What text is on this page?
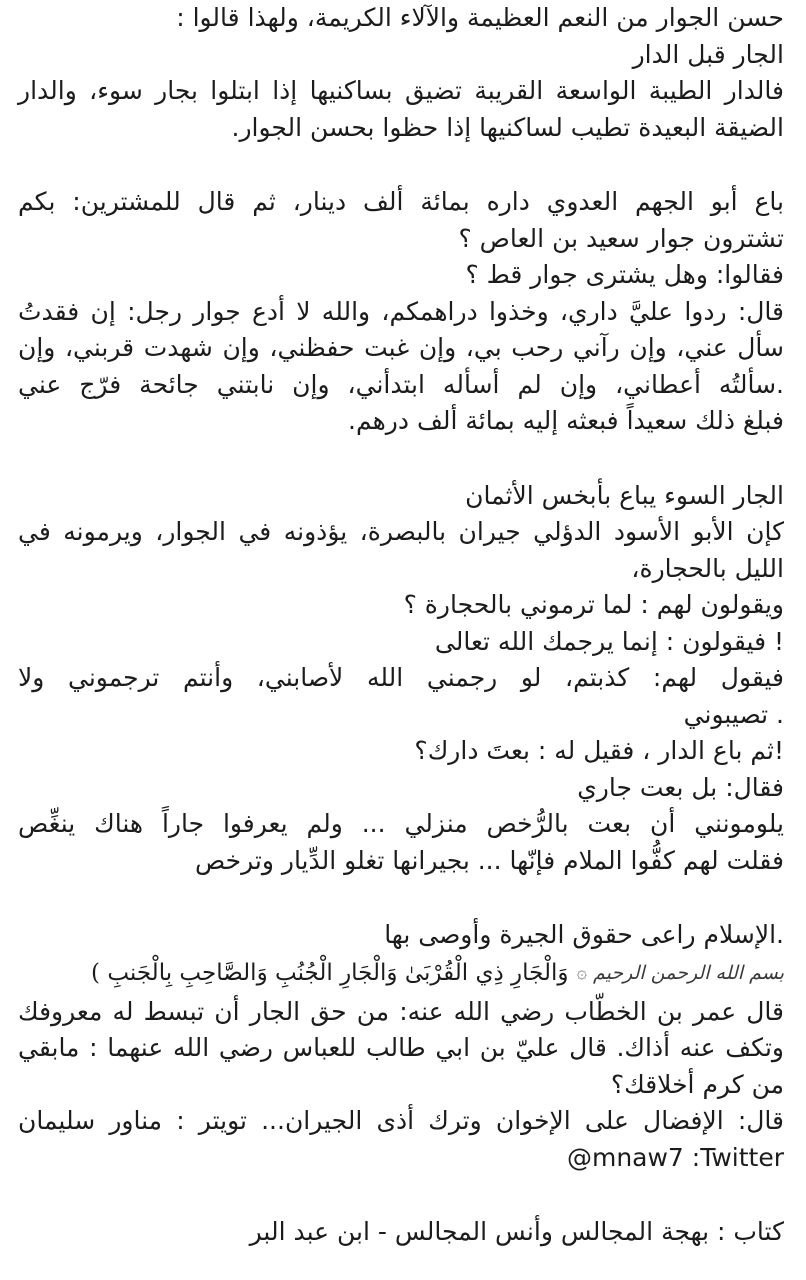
حسن الجوار من النعم العظيمة والآلاء الكريمة، ولهذا قالوا :
الجار قبل الدار
فالدار الطيبة الواسعة القريبة تضيق بساكنيها إذا ابتلوا بجار سوء، والدار
الضيقة البعيدة تطيب لساكنيها إذا حظوا بحسن الجوار.
باع أبو الجهم العدوي داره بمائة ألف دينار، ثم قال للمشترين: بكم
تشترون جوار سعيد بن العاص ؟
فقالوا: وهل يشترى جوار قط ؟
قال: ردوا عليَّ داري، وخذوا دراهمكم، والله لا أدع جوار رجل: إن فقدتُ
سأل عني، وإن رآني رحب بي، وإن غبت حفظني، وإن شهدت قربني، وإن
.سألتُه أعطاني، وإن لم أسأله ابتدأني، وإن نابتني جائحة فرّج عني
فبلغ ذلك سعيداً فبعثه إليه بمائة ألف درهم.
الجار السوء يباع بأبخس الأثمان
كإن الأبو الأسود الدؤلي جيران بالبصرة، يؤذونه في الجوار، ويرمونه في
الليل بالحجارة،
ويقولون لهم : لما ترموني بالحجارة ؟
! فيقولون : إنما يرجمك الله تعالى
فيقول لهم: كذبتم، لو رجمني الله لأصابني، وأنتم ترجموني ولا
. تصيبوني
!ثم باع الدار ، فقيل له : بعتَ دارك؟
فقال: بل بعت جاري
يلومونني أن بعت بالرُّخص منزلي ... ولم يعرفوا جاراً هناك ينغِّص
فقلت لهم كفُّوا الملام فإنّها ... بجيرانها تغلو الدِّيار وترخص
.الإسلام راعى حقوق الجيرة وأوصى بها
بسم الله الرحمن الرحيم
۞
وَالْجَارِ ذِي الْقُرْبَىٰ وَالْجَارِ الْجُنُبِ وَالصَّاحِبِ بِالْجَنبِ )
قال عمر بن الخطّاب رضي الله عنه: من حق الجار أن تبسط له معروفك
وتكف عنه أذاك. قال عليّ بن ابي طالب للعباس رضي الله عنهما : مابقي
من كرم أخلاقك؟
قال: الإفضال على الإخوان وترك أذى الجيران... تويتر : مناور سليمان
@mnaw7 :Twitter
كتاب : بهجة المجالس وأنس المجالس - ابن عبد البر
